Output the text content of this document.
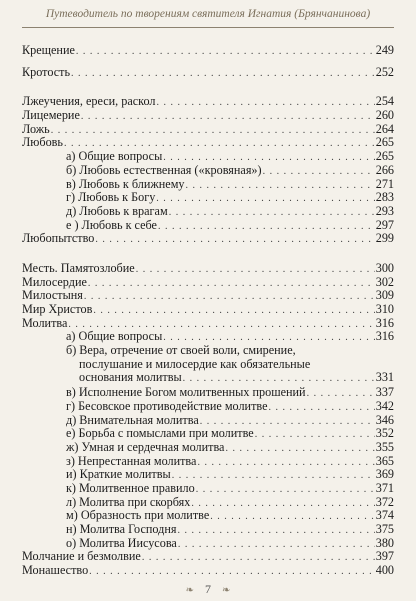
Путеводитель по творениям святителя Игнатия (Брянчанинова)
Крещение . . .	249
Кротость . . .	252
Лжеучения, ереси, раскол . . .	254
Лицемерие . . .	260
Ложь . . .	264
Любовь . . .	265
а) Общие вопросы . . .	265
б) Любовь естественная («кровяная») . . .	266
в) Любовь к ближнему . . .	271
г) Любовь к Богу . . .	283
д) Любовь к врагам . . .	293
е ) Любовь к себе . . .	297
Любопытство . . .	299
Месть. Памятозлобие . . .	300
Милосердие . . .	302
Милостыня . . .	309
Мир Христов . . .	310
Молитва . . .	316
а) Общие вопросы . . .	316
б) Вера, отречение от своей воли, смирение,
послушание и милосердие как обязательные
основания молитвы . . .	331
в) Исполнение Богом молитвенных прошений . . .	337
г) Бесовское противодействие молитве . . .	342
д) Внимательная молитва . . .	346
е) Борьба с помыслами при молитве . . .	352
ж) Умная и сердечная молитва . . .	355
з) Непрестанная молитва . . .	365
и) Краткие молитвы . . .	369
к) Молитвенное правило . . .	371
л) Молитва при скорбях . . .	372
м) Образность при молитве . . .	374
н) Молитва Господня . . .	375
о) Молитва Иисусова . . .	380
Молчание и безмолвие . . .	397
Монашество . . .	400
❧ 7 ❧
